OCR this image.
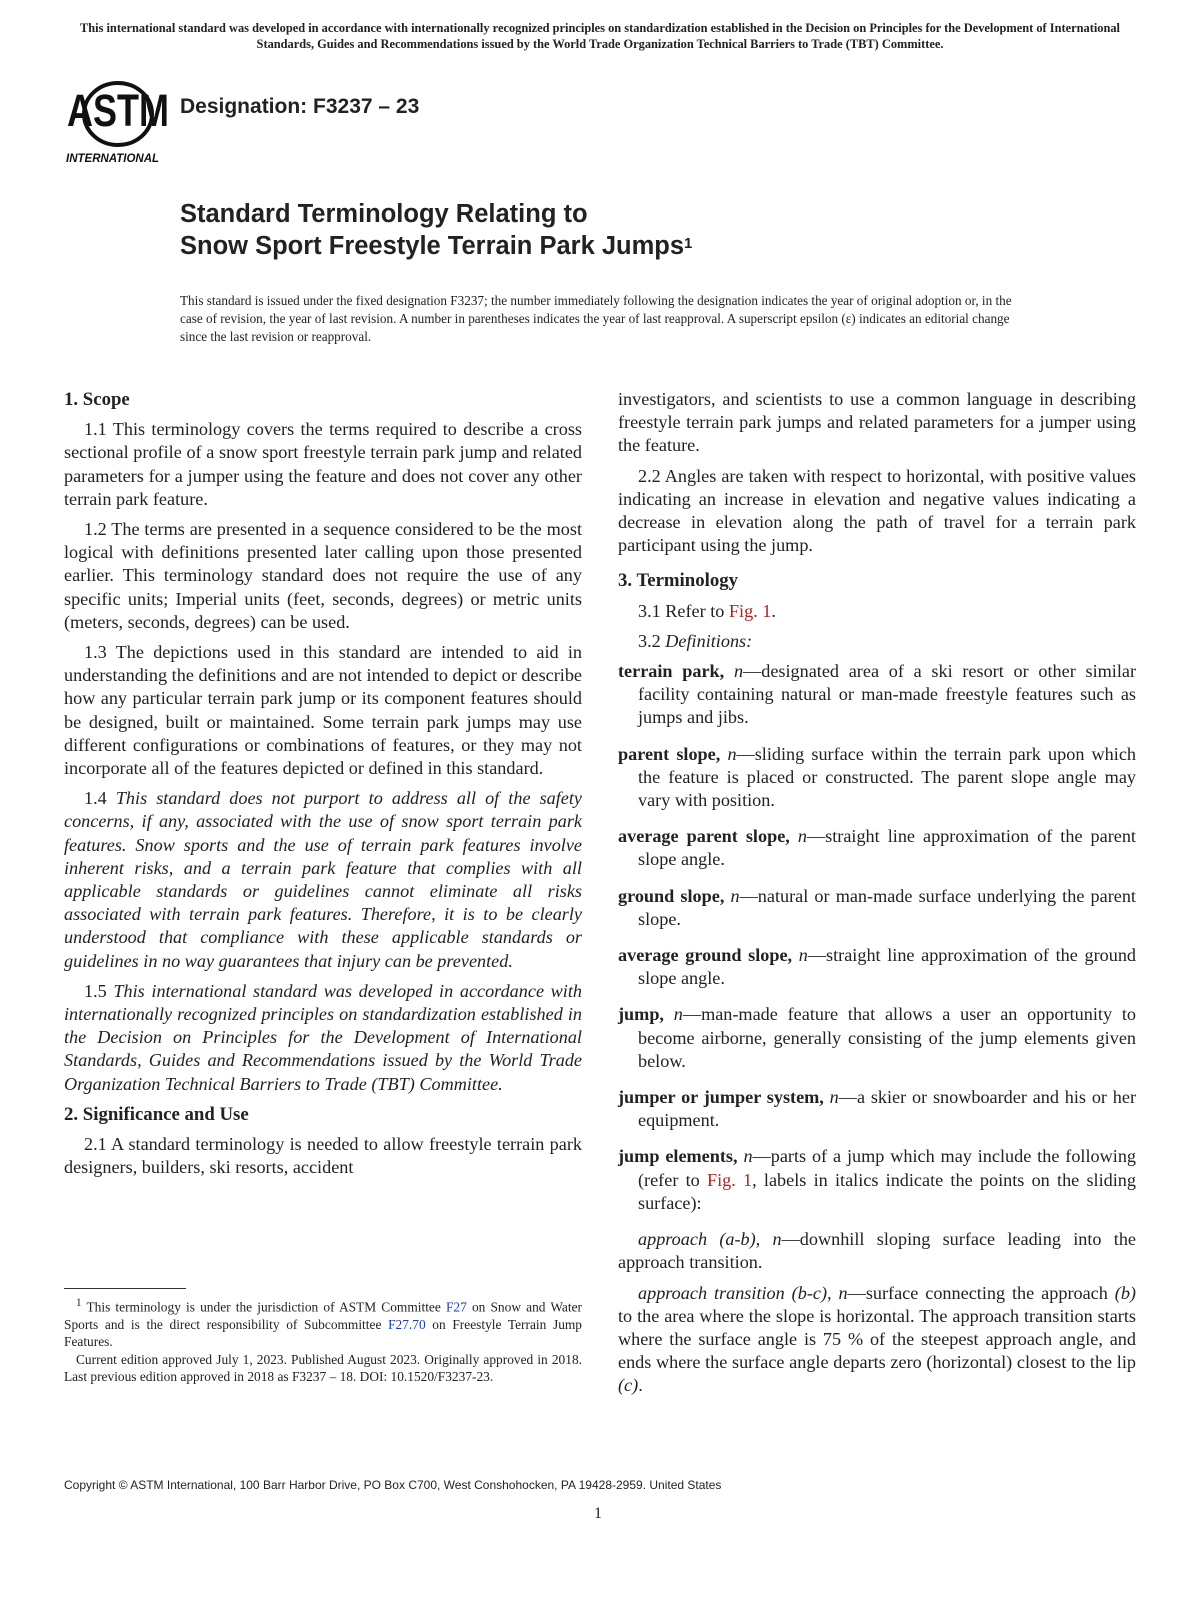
This international standard was developed in accordance with internationally recognized principles on standardization established in the Decision on Principles for the Development of International Standards, Guides and Recommendations issued by the World Trade Organization Technical Barriers to Trade (TBT) Committee.
ASTM
INTERNATIONAL
Designation: F3237 – 23
Standard Terminology Relating to
Snow Sport Freestyle Terrain Park Jumps$^1$

This standard is issued under the fixed designation F3237; the number immediately following the designation indicates the year of original adoption or, in the case of revision, the year of last revision. A number in parentheses indicates the year of last reapproval. A superscript epsilon (ε) indicates an editorial change since the last revision or reapproval.

1. Scope

1.1 This terminology covers the terms required to describe a cross sectional profile of a snow sport freestyle terrain park jump and related parameters for a jumper using the feature and does not cover any other terrain park feature.

1.2 The terms are presented in a sequence considered to be the most logical with definitions presented later calling upon those presented earlier. This terminology standard does not require the use of any specific units; Imperial units (feet, seconds, degrees) or metric units (meters, seconds, degrees) can be used.

1.3 The depictions used in this standard are intended to aid in understanding the definitions and are not intended to depict or describe how any particular terrain park jump or its component features should be designed, built or maintained. Some terrain park jumps may use different configurations or combinations of features, or they may not incorporate all of the features depicted or defined in this standard.

1.4 This standard does not purport to address all of the safety concerns, if any, associated with the use of snow sport terrain park features. Snow sports and the use of terrain park features involve inherent risks, and a terrain park feature that complies with all applicable standards or guidelines cannot eliminate all risks associated with terrain park features. Therefore, it is to be clearly understood that compliance with these applicable standards or guidelines in no way guarantees that injury can be prevented.

1.5 This international standard was developed in accordance with internationally recognized principles on standardization established in the Decision on Principles for the Development of International Standards, Guides and Recommendations issued by the World Trade Organization Technical Barriers to Trade (TBT) Committee.

2. Significance and Use

2.1 A standard terminology is needed to allow freestyle terrain park designers, builders, ski resorts, accident

$^1$ This terminology is under the jurisdiction of ASTM Committee F27 on Snow and Water Sports and is the direct responsibility of Subcommittee F27.70 on Freestyle Terrain Jump Features.

Current edition approved July 1, 2023. Published August 2023. Originally approved in 2018. Last previous edition approved in 2018 as F3237 – 18. DOI: 10.1520/F3237-23.

investigators, and scientists to use a common language in describing freestyle terrain park jumps and related parameters for a jumper using the feature.

2.2 Angles are taken with respect to horizontal, with positive values indicating an increase in elevation and negative values indicating a decrease in elevation along the path of travel for a terrain park participant using the jump.

3. Terminology

3.1 Refer to Fig. 1.

3.2 Definitions:

terrain park, n—designated area of a ski resort or other similar facility containing natural or man-made freestyle features such as jumps and jibs.

parent slope, n—sliding surface within the terrain park upon which the feature is placed or constructed. The parent slope angle may vary with position.

average parent slope, n—straight line approximation of the parent slope angle.

ground slope, n—natural or man-made surface underlying the parent slope.

average ground slope, n—straight line approximation of the ground slope angle.

jump, n—man-made feature that allows a user an opportunity to become airborne, generally consisting of the jump elements given below.

jumper or jumper system, n—a skier or snowboarder and his or her equipment.

jump elements, n—parts of a jump which may include the following (refer to Fig. 1, labels in italics indicate the points on the sliding surface):

approach (a-b), n—downhill sloping surface leading into the approach transition.

approach transition (b-c), n—surface connecting the approach (b) to the area where the slope is horizontal. The approach transition starts where the surface angle is 75 % of the steepest approach angle, and ends where the surface angle departs zero (horizontal) closest to the lip (c).

Copyright © ASTM International, 100 Barr Harbor Drive, PO Box C700, West Conshohocken, PA 19428-2959. United States
1
